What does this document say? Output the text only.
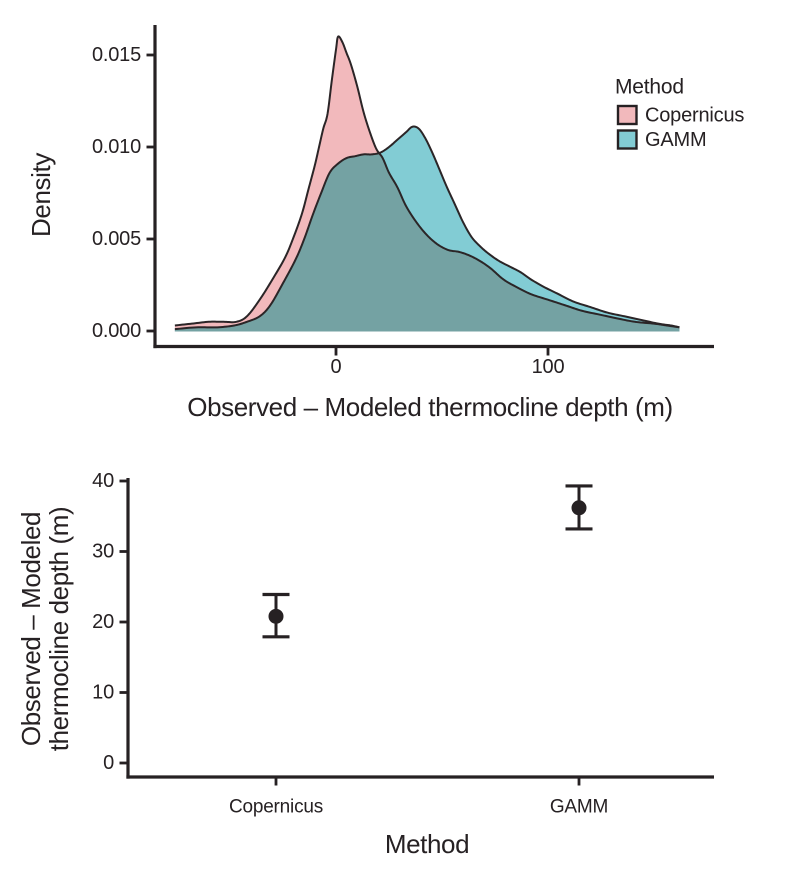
0.000
0.005
0.010
0.015
0	100
Density
Observed – Modeled thermocline depth (m)
Method
Copernicus
GAMM
0
10
20
30
40
Copernicus	GAMM
Observed – Modeled
thermocline depth (m)
Method
